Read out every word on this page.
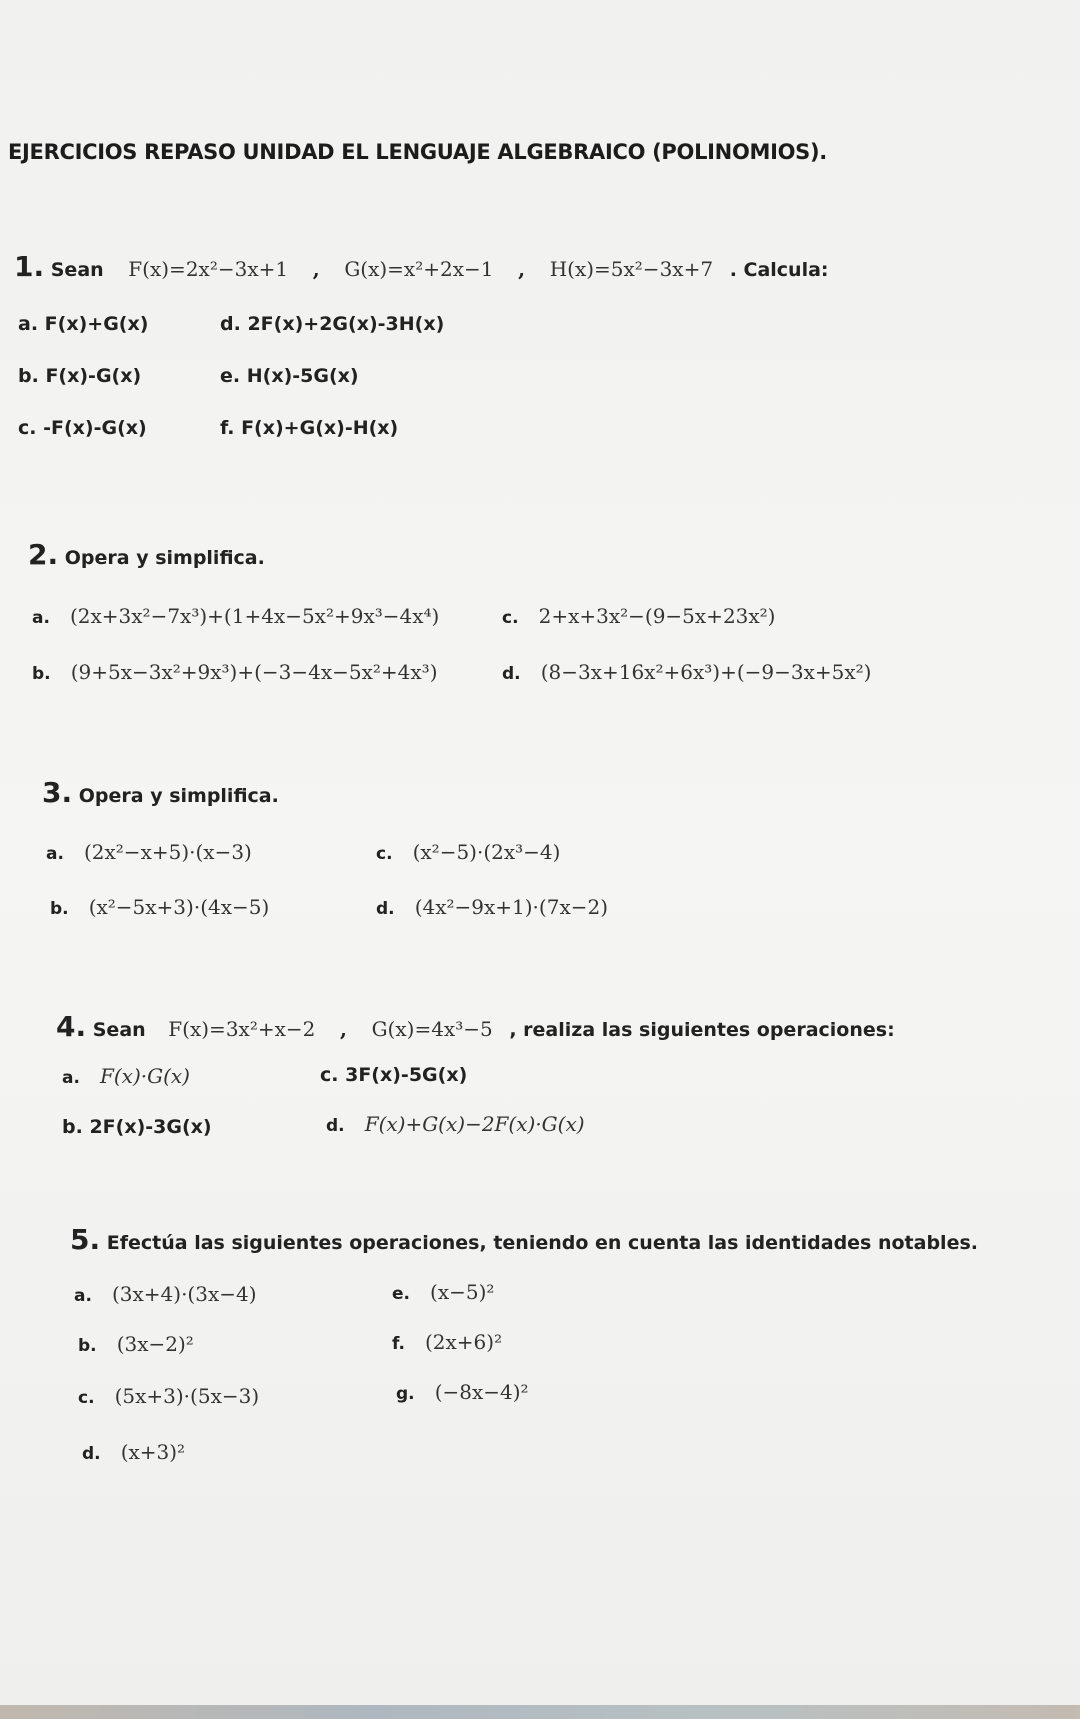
EJERCICIOS REPASO UNIDAD EL LENGUAJE ALGEBRAICO (POLINOMIOS).
1. Sean F(x)=2x²−3x+1 , G(x)=x²+2x−1 , H(x)=5x²−3x+7 . Calcula:
a. F(x)+G(x)
b. F(x)-G(x)
c. -F(x)-G(x)
d. 2F(x)+2G(x)-3H(x)
e. H(x)-5G(x)
f. F(x)+G(x)-H(x)
2. Opera y simplifica.
a. (2x+3x²−7x³)+(1+4x−5x²+9x³−4x⁴)
b. (9+5x−3x²+9x³)+(−3−4x−5x²+4x³)
c. 2+x+3x²−(9−5x+23x²)
d. (8−3x+16x²+6x³)+(−9−3x+5x²)
3. Opera y simplifica.
a. (2x²−x+5)·(x−3)
b. (x²−5x+3)·(4x−5)
c. (x²−5)·(2x³−4)
d. (4x²−9x+1)·(7x−2)
4. Sean F(x)=3x²+x−2 , G(x)=4x³−5 , realiza las siguientes operaciones:
a. F(x)·G(x)
b. 2F(x)-3G(x)
c. 3F(x)-5G(x)
d. F(x)+G(x)−2F(x)·G(x)
5. Efectúa las siguientes operaciones, teniendo en cuenta las identidades notables.
a. (3x+4)·(3x−4)
b. (3x−2)²
c. (5x+3)·(5x−3)
d. (x+3)²
e. (x−5)²
f. (2x+6)²
g. (−8x−4)²
